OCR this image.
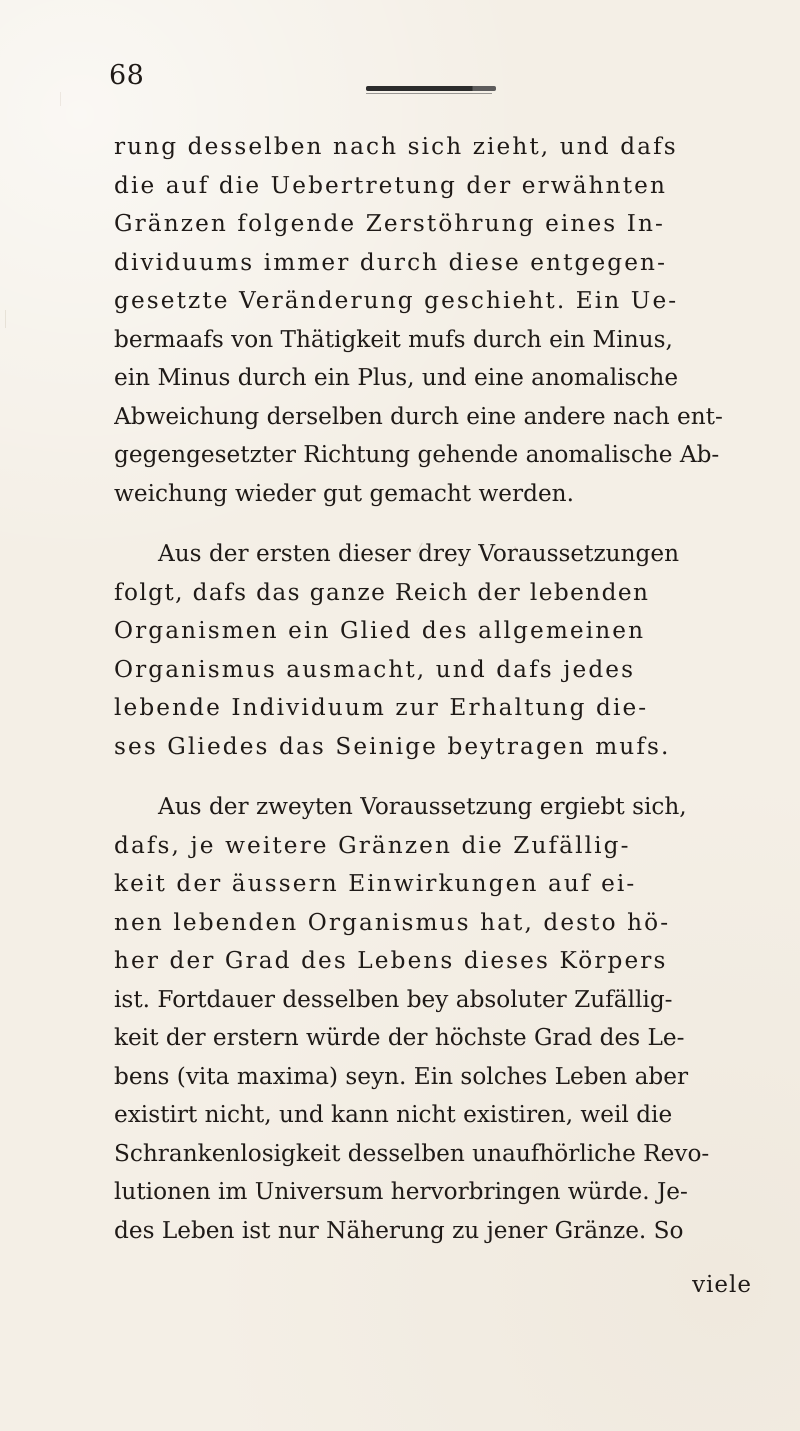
68
rung desselben nach sich zieht, und dafs
die auf die Uebertretung der erwähnten
Gränzen folgende Zerstöhrung eines In-
dividuums immer durch diese entgegen-
gesetzte Veränderung geschieht. Ein Ue-
bermaafs von Thätigkeit mufs durch ein Minus,
ein Minus durch ein Plus, und eine anomalische
Abweichung derselben durch eine andere nach ent-
gegengesetzter Richtung gehende anomalische Ab-
weichung wieder gut gemacht werden.
Aus der ersten dieser drey Voraussetzungen
folgt, dafs das ganze Reich der lebenden
Organismen ein Glied des allgemeinen
Organismus ausmacht, und dafs jedes
lebende Individuum zur Erhaltung die-
ses Gliedes das Seinige beytragen mufs.
Aus der zweyten Voraussetzung ergiebt sich,
dafs, je weitere Gränzen die Zufällig-
keit der äussern Einwirkungen auf ei-
nen lebenden Organismus hat, desto hö-
her der Grad des Lebens dieses Körpers
ist. Fortdauer desselben bey absoluter Zufällig-
keit der erstern würde der höchste Grad des Le-
bens (vita maxima) seyn. Ein solches Leben aber
existirt nicht, und kann nicht existiren, weil die
Schrankenlosigkeit desselben unaufhörliche Revo-
lutionen im Universum hervorbringen würde. Je-
des Leben ist nur Näherung zu jener Gränze. So
viele
